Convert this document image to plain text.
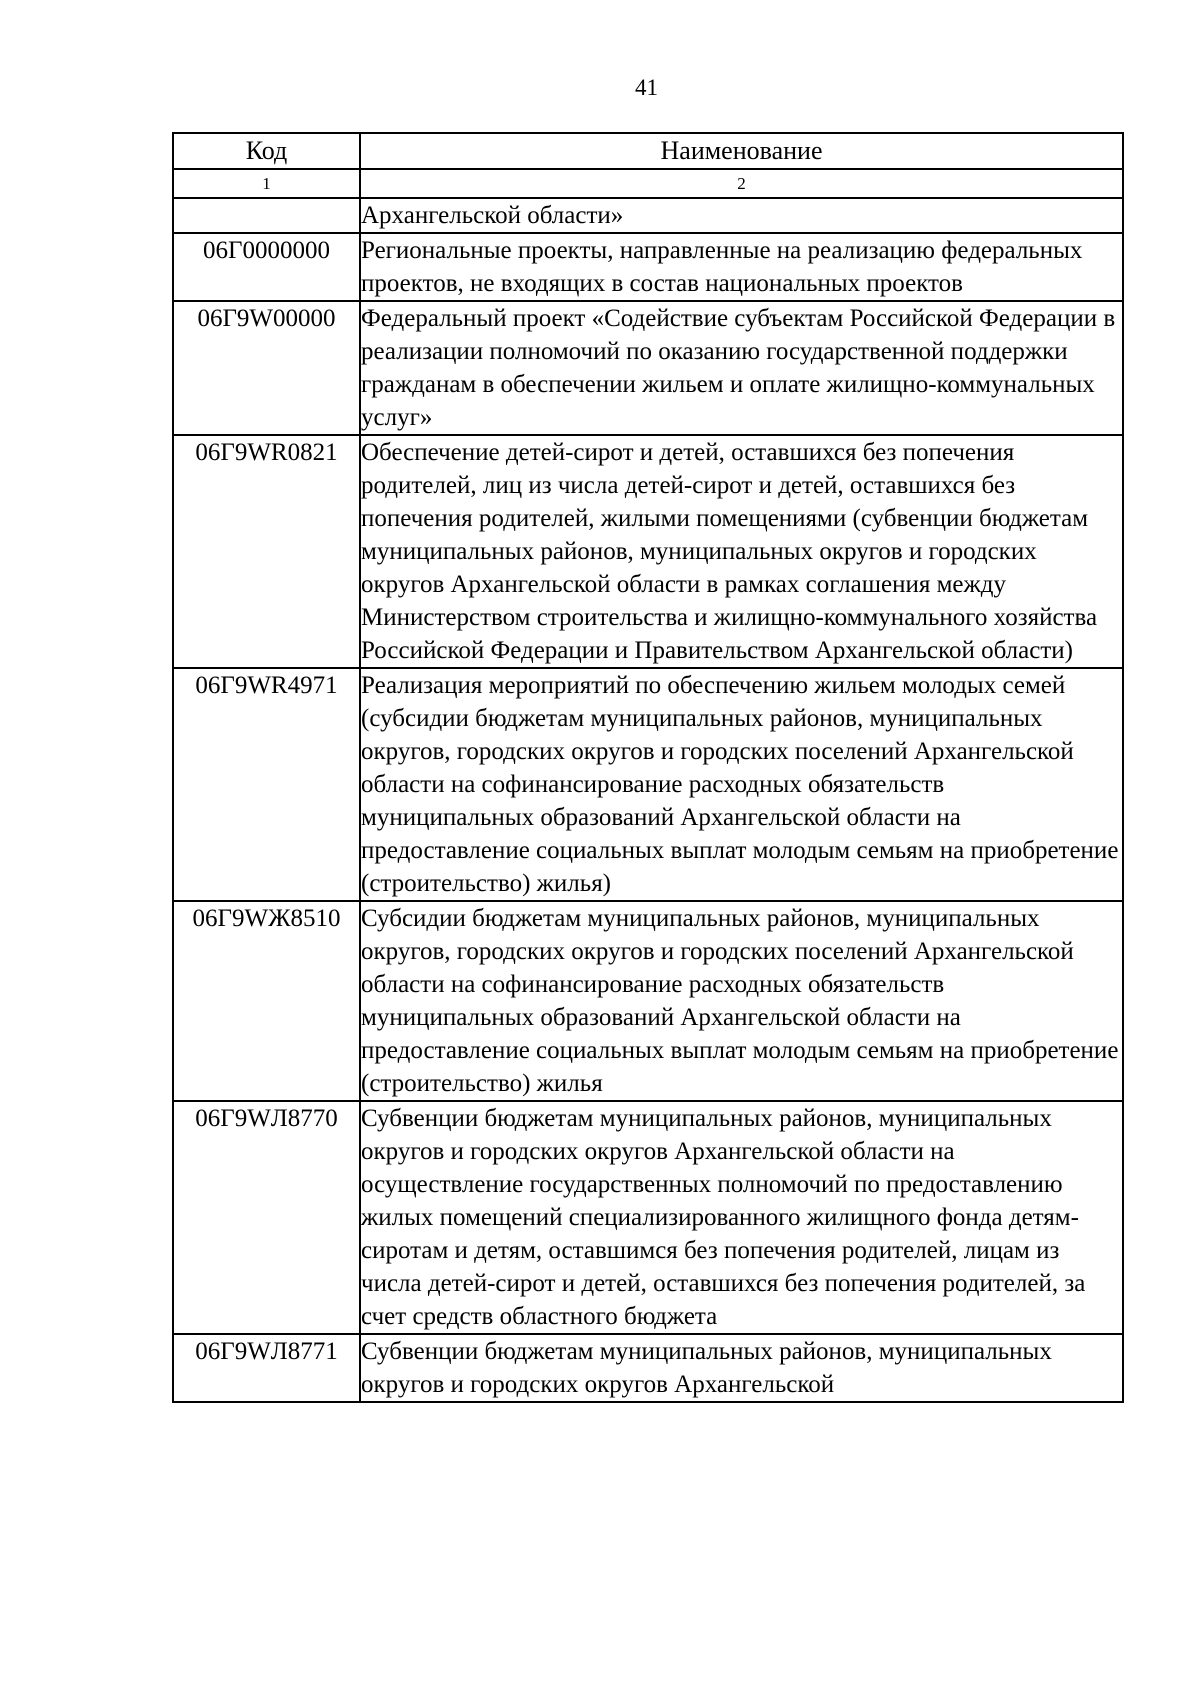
41
Код	Наименование
1	2
	Архангельской области»
06Г0000000	Региональные проекты, направленные на реализацию федеральных проектов, не входящих в состав национальных проектов
06Г9W00000	Федеральный проект «Содействие субъектам Российской Федерации в реализации полномочий по оказанию государственной поддержки гражданам в обеспечении жильем и оплате жилищно-коммунальных услуг»
06Г9WR0821	Обеспечение детей-сирот и детей, оставшихся без попечения родителей, лиц из числа детей-сирот и детей, оставшихся без попечения родителей, жилыми помещениями (субвенции бюджетам муниципальных районов, муниципальных округов и городских округов Архангельской области в рамках соглашения между Министерством строительства и жилищно-коммунального хозяйства Российской Федерации и Правительством Архангельской области)
06Г9WR4971	Реализация мероприятий по обеспечению жильем молодых семей (субсидии бюджетам муниципальных районов, муниципальных округов, городских округов и городских поселений Архангельской области на софинансирование расходных обязательств муниципальных образований Архангельской области на предоставление социальных выплат молодым семьям на приобретение (строительство) жилья)
06Г9WЖ8510	Субсидии бюджетам муниципальных районов, муниципальных округов, городских округов и городских поселений Архангельской области на софинансирование расходных обязательств муниципальных образований Архангельской области на предоставление социальных выплат молодым семьям на приобретение (строительство) жилья
06Г9WЛ8770	Субвенции бюджетам муниципальных районов, муниципальных округов и городских округов Архангельской области на осуществление государственных полномочий по предоставлению жилых помещений специализированного жилищного фонда детям-сиротам и детям, оставшимся без попечения родителей, лицам из числа детей-сирот и детей, оставшихся без попечения родителей, за счет средств областного бюджета
06Г9WЛ8771	Субвенции бюджетам муниципальных районов, муниципальных округов и городских округов Архангельской
